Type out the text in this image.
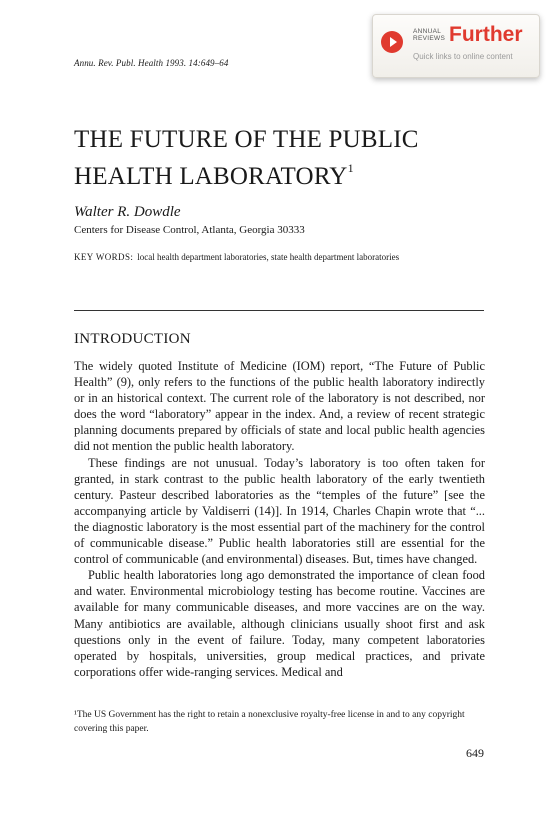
Annu. Rev. Publ. Health 1993. 14:649–64
ANNUAL
REVIEWS Further
Quick links to online content
THE FUTURE OF THE PUBLIC
HEALTH LABORATORY$^1$
Walter R. Dowdle
Centers for Disease Control, Atlanta, Georgia 30333
KEY WORDS: local health department laboratories, state health department laboratories
INTRODUCTION

The widely quoted Institute of Medicine (IOM) report, “The Future of Public Health” (9), only refers to the functions of the public health laboratory indirectly or in an historical context. The current role of the laboratory is not described, nor does the word “laboratory” appear in the index. And, a review of recent strategic planning documents prepared by officials of state and local public health agencies did not mention the public health laboratory.

These findings are not unusual. Today’s laboratory is too often taken for granted, in stark contrast to the public health laboratory of the early twentieth century. Pasteur described laboratories as the “temples of the future” [see the accompanying article by Valdiserri (14)]. In 1914, Charles Chapin wrote that “... the diagnostic laboratory is the most essential part of the machinery for the control of communicable disease.” Public health laboratories still are essential for the control of communicable (and environmental) diseases. But, times have changed.

Public health laboratories long ago demonstrated the importance of clean food and water. Environmental microbiology testing has become routine. Vaccines are available for many communicable diseases, and more vaccines are on the way. Many antibiotics are available, although clinicians usually shoot first and ask questions only in the event of failure. Today, many competent laboratories operated by hospitals, universities, group medical practices, and private corporations offer wide-ranging services. Medical and

¹The US Government has the right to retain a nonexclusive royalty-free license in and to any copyright covering this paper.
649
